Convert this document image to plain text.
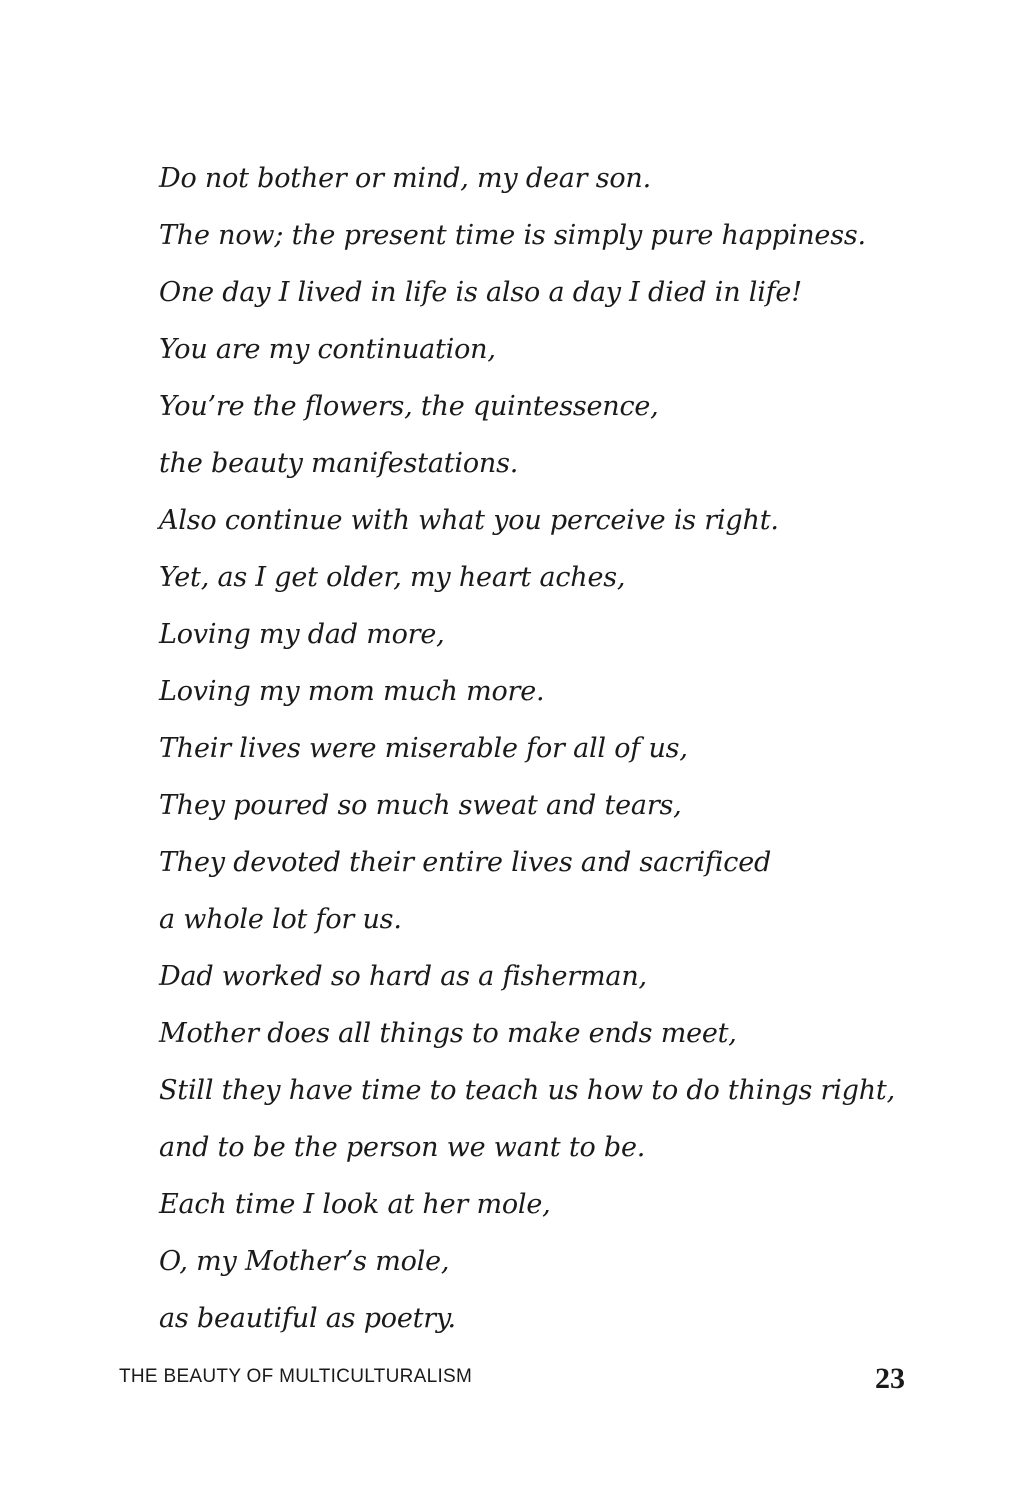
Do not bother or mind, my dear son.
The now; the present time is simply pure happiness.
One day I lived in life is also a day I died in life!
You are my continuation,
You’re the flowers, the quintessence,
the beauty manifestations.
Also continue with what you perceive is right.
Yet, as I get older, my heart aches,
Loving my dad more,
Loving my mom much more.
Their lives were miserable for all of us,
They poured so much sweat and tears,
They devoted their entire lives and sacrificed
a whole lot for us.
Dad worked so hard as a fisherman,
Mother does all things to make ends meet,
Still they have time to teach us how to do things right,
and to be the person we want to be.
Each time I look at her mole,
O, my Mother’s mole,
as beautiful as poetry.
THE BEAUTY OF MULTICULTURALISM	23
